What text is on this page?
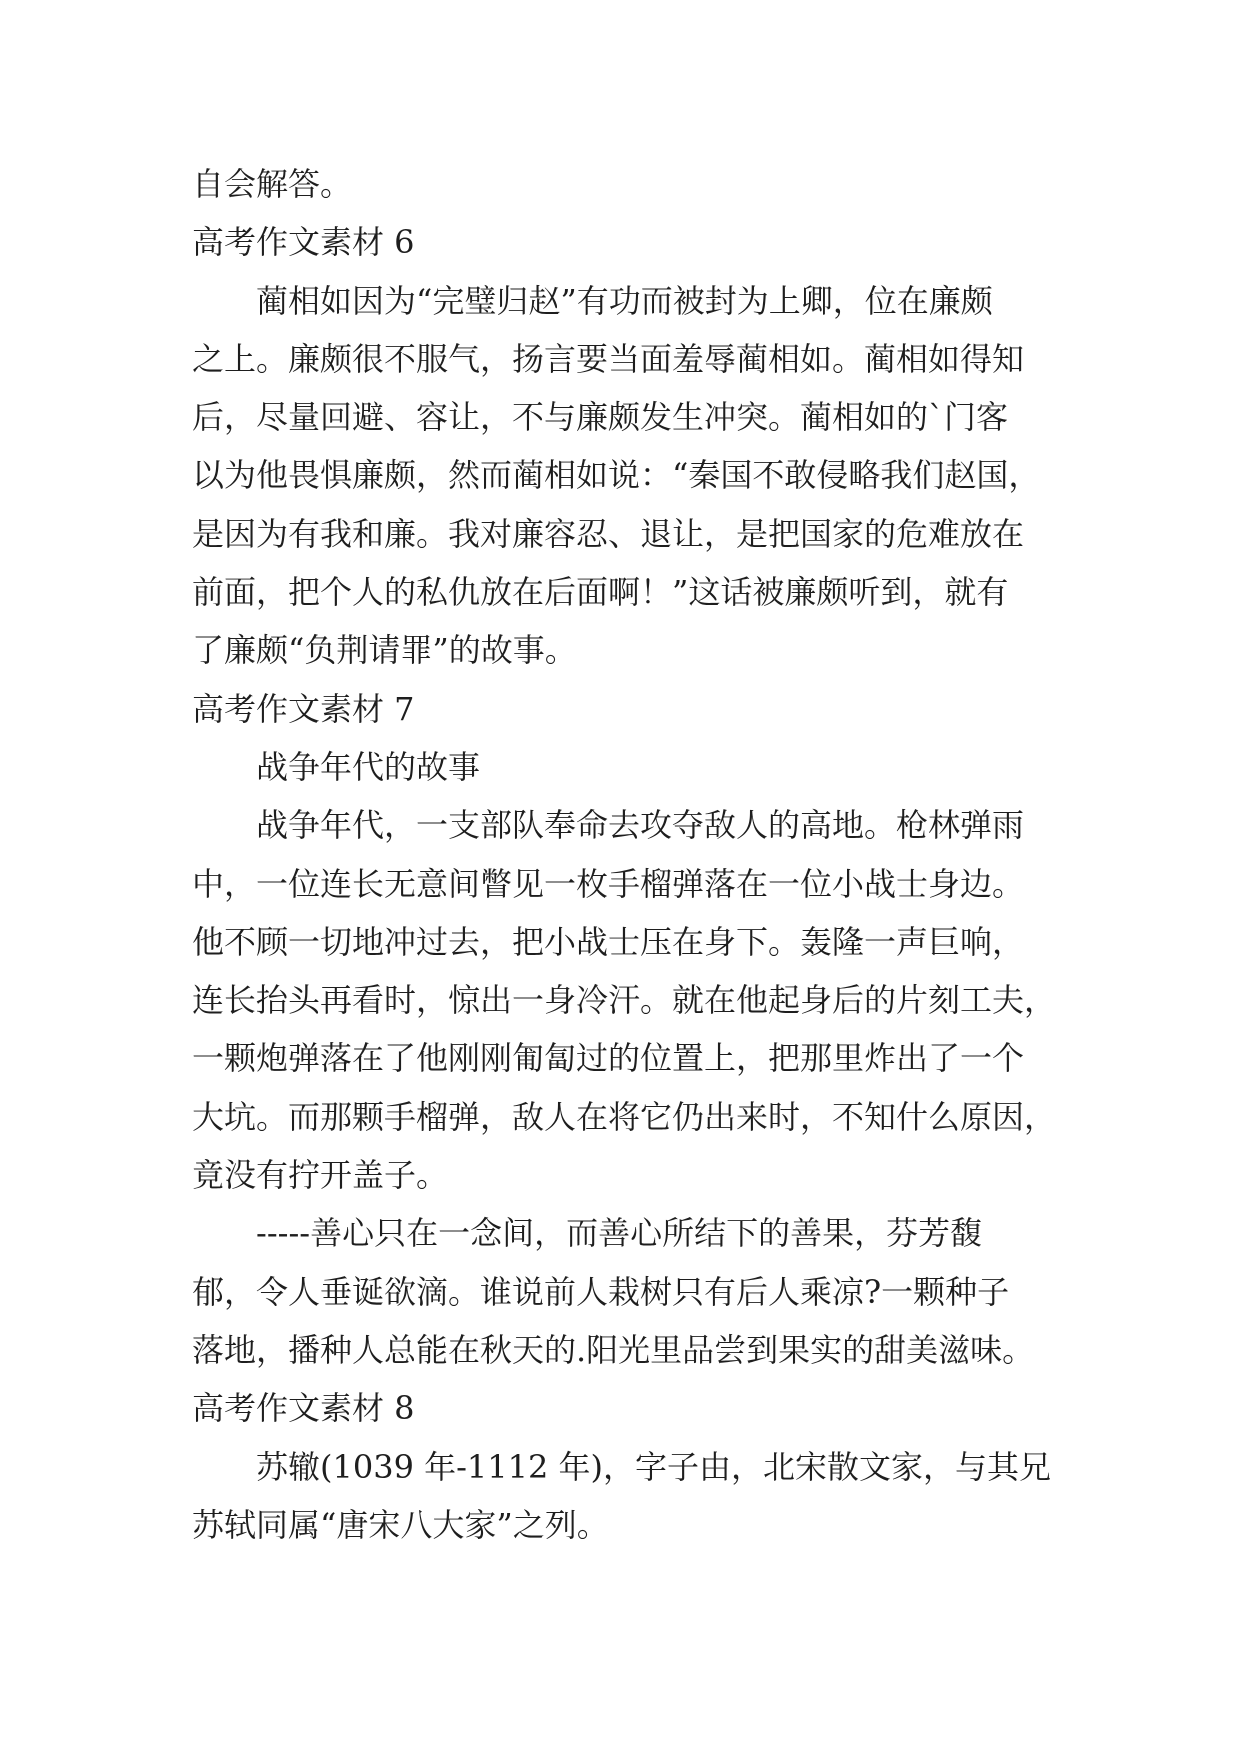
自会解答。
高考作文素材 6
蔺相如因为“完璧归赵”有功而被封为上卿，位在廉颇
之上。廉颇很不服气，扬言要当面羞辱蔺相如。蔺相如得知
后，尽量回避、容让，不与廉颇发生冲突。蔺相如的`门客
以为他畏惧廉颇，然而蔺相如说：“秦国不敢侵略我们赵国，
是因为有我和廉。我对廉容忍、退让，是把国家的危难放在
前面，把个人的私仇放在后面啊！”这话被廉颇听到，就有
了廉颇“负荆请罪”的故事。
高考作文素材 7
战争年代的故事
战争年代，一支部队奉命去攻夺敌人的高地。枪林弹雨
中，一位连长无意间瞥见一枚手榴弹落在一位小战士身边。
他不顾一切地冲过去，把小战士压在身下。轰隆一声巨响，
连长抬头再看时，惊出一身冷汗。就在他起身后的片刻工夫，
一颗炮弹落在了他刚刚匍匐过的位置上，把那里炸出了一个
大坑。而那颗手榴弹，敌人在将它仍出来时，不知什么原因，
竟没有拧开盖子。
-----善心只在一念间，而善心所结下的善果，芬芳馥
郁，令人垂诞欲滴。谁说前人栽树只有后人乘凉?一颗种子
落地，播种人总能在秋天的.阳光里品尝到果实的甜美滋味。
高考作文素材 8
苏辙(1039 年-1112 年)，字子由，北宋散文家，与其兄
苏轼同属“唐宋八大家”之列。
